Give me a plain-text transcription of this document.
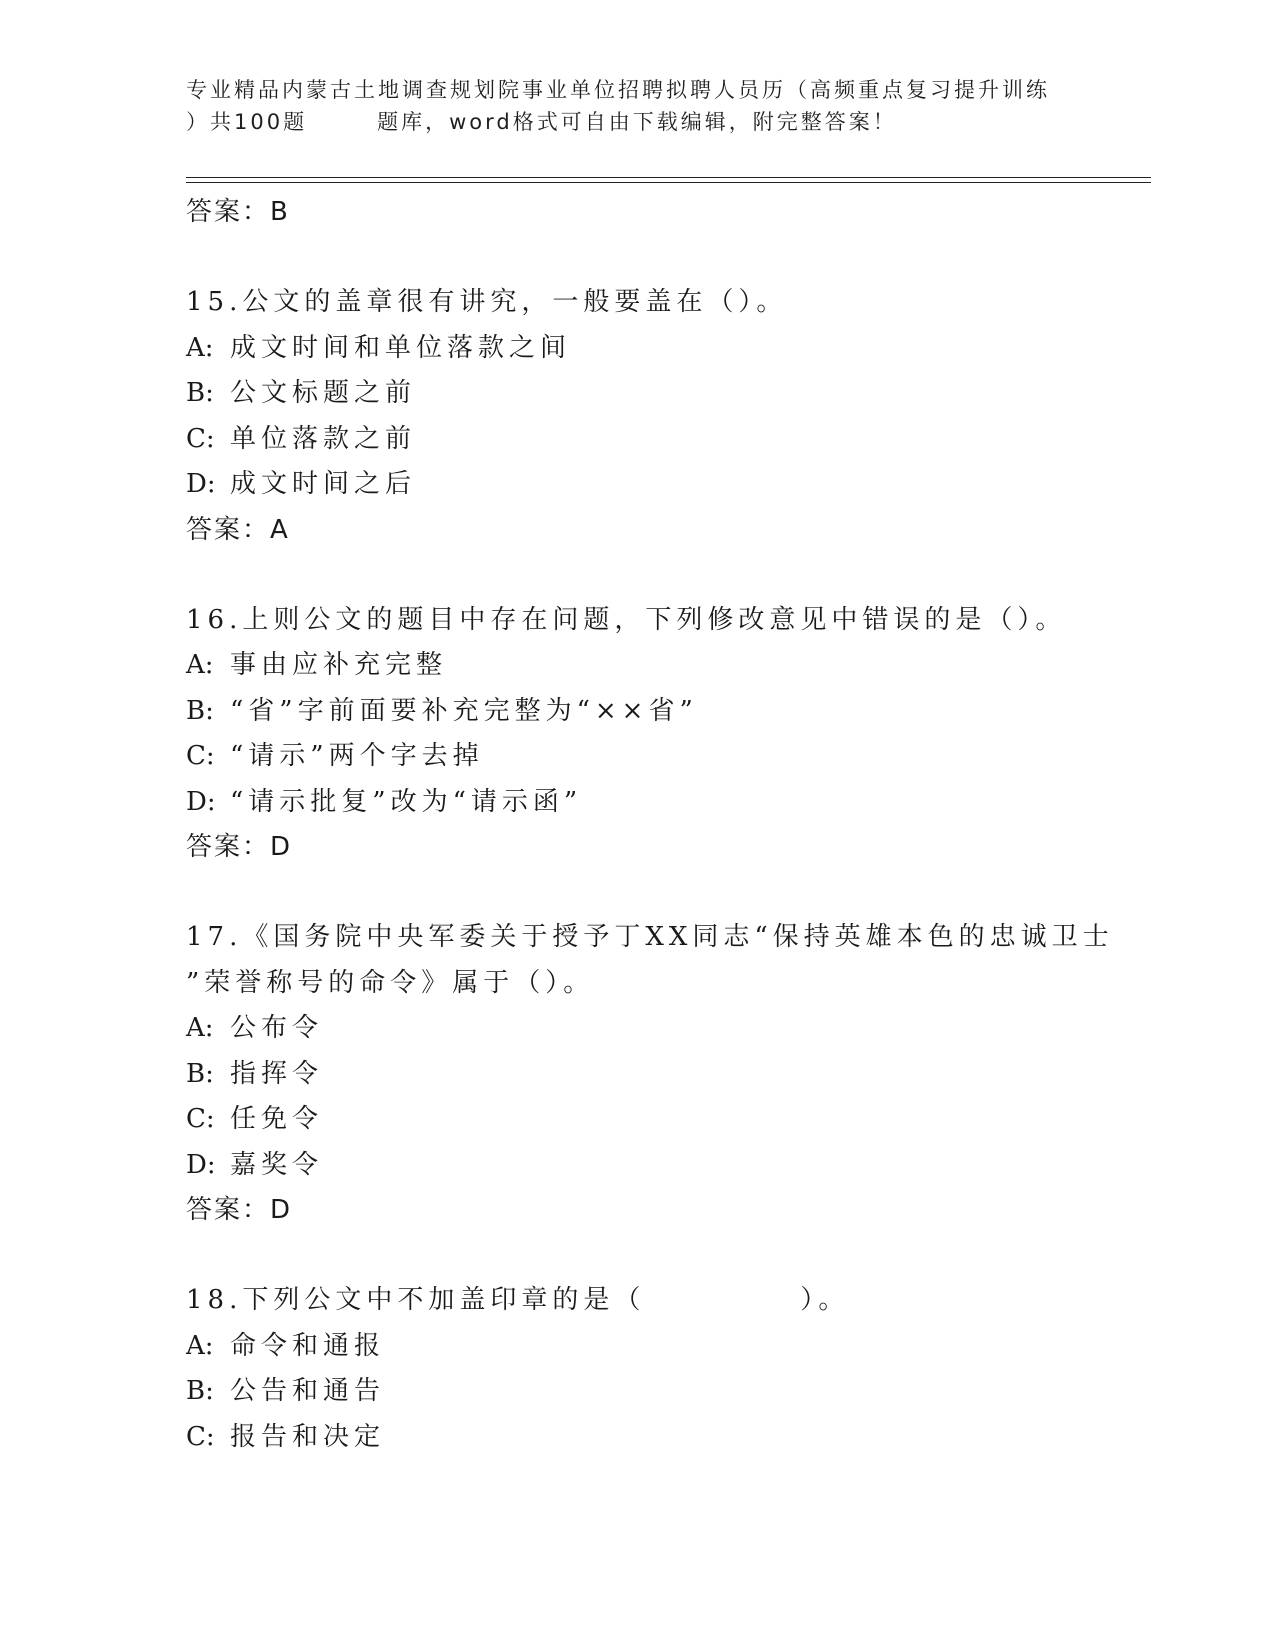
专业精品内蒙古土地调查规划院事业单位招聘拟聘人员历（高频重点复习提升训练
）共100题	题库，word格式可自由下载编辑，附完整答案！
答案：B
15.公文的盖章很有讲究，一般要盖在（）。
A: 成文时间和单位落款之间
B: 公文标题之前
C: 单位落款之前
D: 成文时间之后
答案：A
16.上则公文的题目中存在问题，下列修改意见中错误的是（）。
A: 事由应补充完整
B: “省”字前面要补充完整为“××省”
C: “请示”两个字去掉
D: “请示批复”改为“请示函”
答案：D
17.《国务院中央军委关于授予丁XX同志“保持英雄本色的忠诚卫士
”荣誉称号的命令》属于（）。
A: 公布令
B: 指挥令
C: 任免令
D: 嘉奖令
答案：D
18.下列公文中不加盖印章的是（　　　　　）。
A: 命令和通报
B: 公告和通告
C: 报告和决定
